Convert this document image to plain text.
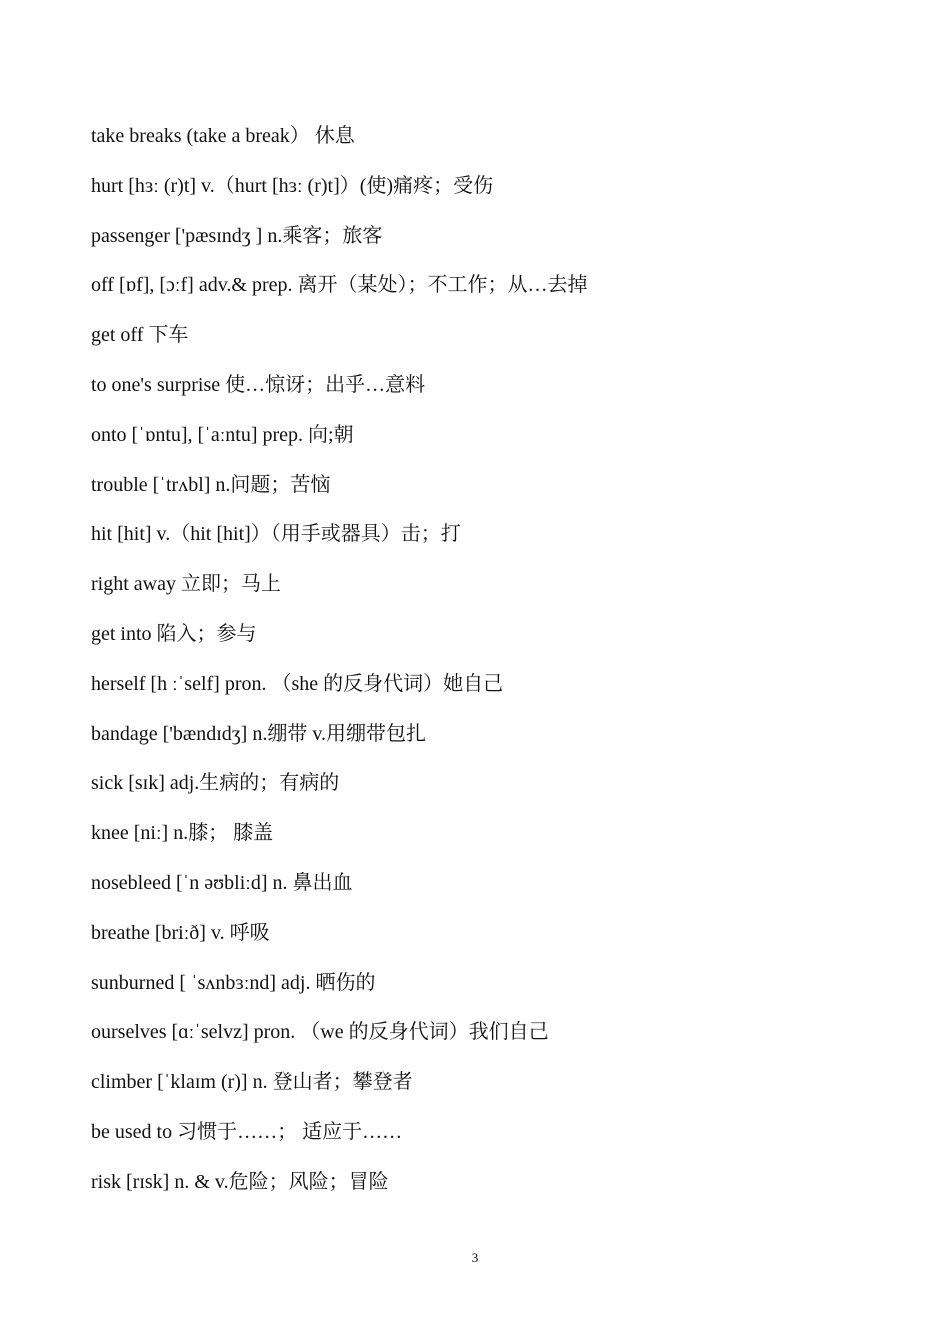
take breaks (take a break） 休息
hurt [hɜː (r)t] v.（hurt [hɜː (r)t]）(使)痛疼；受伤
passenger ['pæsɪndʒ ] n.乘客；旅客
off [ɒf], [ɔːf] adv.& prep. 离开（某处）；不工作；从…去掉
get off 下车
to one's surprise 使…惊讶；出乎…意料
onto [ˈɒntu], [ˈaːntu] prep. 向;朝
trouble [ˈtrʌbl] n.问题；苦恼
hit [hit] v.（hit [hit]）（用手或器具）击；打
right away 立即；马上
get into 陷入；参与
herself [h ːˈself] pron. （she 的反身代词）她自己
bandage ['bændɪdʒ] n.绷带 v.用绷带包扎
sick [sɪk] adj.生病的；有病的
knee [niː] n.膝； 膝盖
nosebleed [ˈn əʊbliːd] n. 鼻出血
breathe [briːð] v. 呼吸
sunburned [ ˈsʌnbɜːnd] adj. 晒伤的
ourselves [ɑːˈselvz] pron. （we 的反身代词）我们自己
climber [ˈklaɪm (r)] n. 登山者；攀登者
be used to 习惯于……； 适应于……
risk [rɪsk] n. & v.危险；风险；冒险
3
